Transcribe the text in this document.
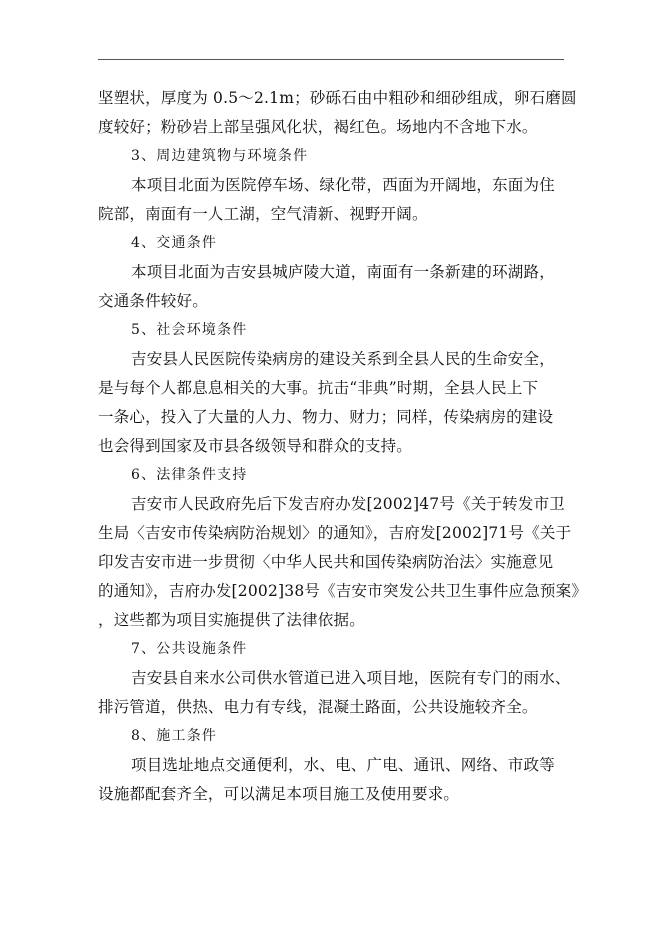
坚塑状，厚度为 0.5～2.1m；砂砾石由中粗砂和细砂组成，卵石磨圆
度较好；粉砂岩上部呈强风化状，褐红色。场地内不含地下水。
3、周边建筑物与环境条件
本项目北面为医院停车场、绿化带，西面为开阔地，东面为住
院部，南面有一人工湖，空气清新、视野开阔。
4、交通条件
本项目北面为吉安县城庐陵大道，南面有一条新建的环湖路，
交通条件较好。
5、社会环境条件
吉安县人民医院传染病房的建设关系到全县人民的生命安全，
是与每个人都息息相关的大事。抗击“非典”时期，全县人民上下
一条心，投入了大量的人力、物力、财力；同样，传染病房的建设
也会得到国家及市县各级领导和群众的支持。
6、法律条件支持
吉安市人民政府先后下发吉府办发[2002]47号《关于转发市卫
生局〈吉安市传染病防治规划〉的通知》，吉府发[2002]71号《关于
印发吉安市进一步贯彻〈中华人民共和国传染病防治法〉实施意见
的通知》，吉府办发[2002]38号《吉安市突发公共卫生事件应急预案》
，这些都为项目实施提供了法律依据。
7、公共设施条件
吉安县自来水公司供水管道已进入项目地，医院有专门的雨水、
排污管道，供热、电力有专线，混凝土路面，公共设施较齐全。
8、施工条件
项目选址地点交通便利，水、电、广电、通讯、网络、市政等
设施都配套齐全，可以满足本项目施工及使用要求。
